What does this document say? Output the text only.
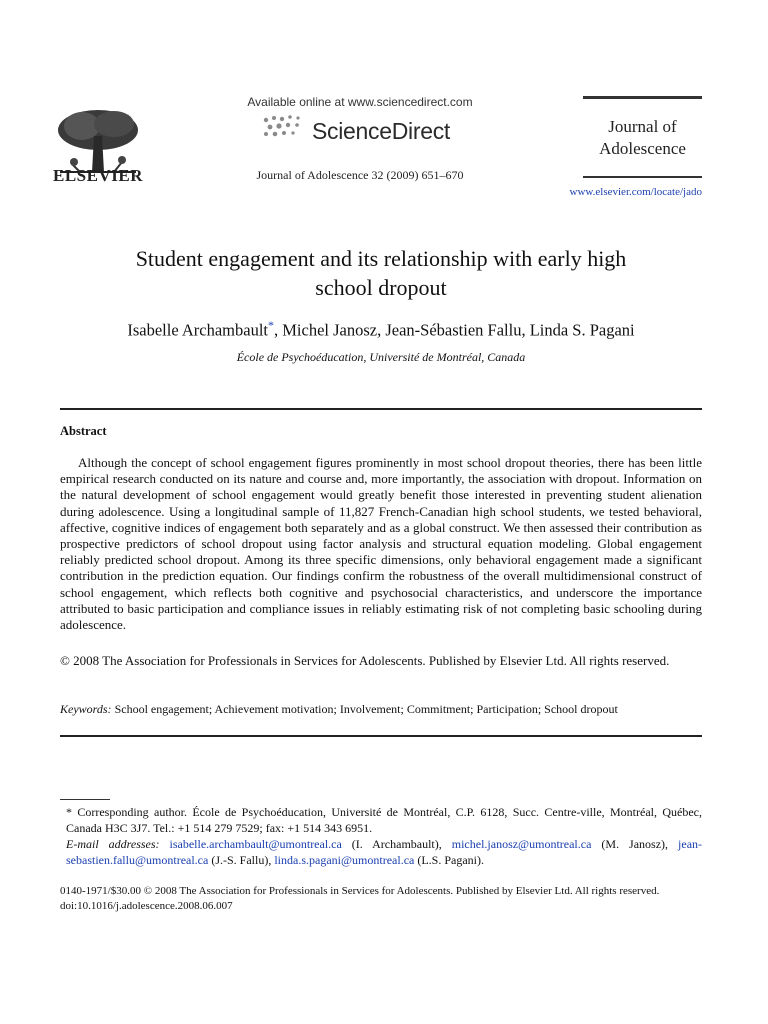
ELSEVIER
Available online at www.sciencedirect.com
ScienceDirect
Journal of Adolescence 32 (2009) 651–670
Journal of
Adolescence
www.elsevier.com/locate/jado
Student engagement and its relationship with early high
school dropout
Isabelle Archambault*, Michel Janosz, Jean-Sébastien Fallu, Linda S. Pagani
École de Psychoéducation, Université de Montréal, Canada
Abstract
Although the concept of school engagement figures prominently in most school dropout theories, there has been little empirical research conducted on its nature and course and, more importantly, the association with dropout. Information on the natural development of school engagement would greatly benefit those interested in preventing student alienation during adolescence. Using a longitudinal sample of 11,827 French-Canadian high school students, we tested behavioral, affective, cognitive indices of engagement both separately and as a global construct. We then assessed their contribution as prospective predictors of school dropout using factor analysis and structural equation modeling. Global engagement reliably predicted school dropout. Among its three specific dimensions, only behavioral engagement made a significant contribution in the prediction equation. Our findings confirm the robustness of the overall multidimensional construct of school engagement, which reflects both cognitive and psychosocial characteristics, and underscore the importance attributed to basic participation and compliance issues in reliably estimating risk of not completing basic schooling during adolescence.
© 2008 The Association for Professionals in Services for Adolescents. Published by Elsevier Ltd. All rights reserved.
Keywords: School engagement; Achievement motivation; Involvement; Commitment; Participation; School dropout
* Corresponding author. École de Psychoéducation, Université de Montréal, C.P. 6128, Succ. Centre-ville, Montréal, Québec, Canada H3C 3J7. Tel.: +1 514 279 7529; fax: +1 514 343 6951.
E-mail addresses: isabelle.archambault@umontreal.ca (I. Archambault), michel.janosz@umontreal.ca (M. Janosz), jean-sebastien.fallu@umontreal.ca (J.-S. Fallu), linda.s.pagani@umontreal.ca (L.S. Pagani).
0140-1971/$30.00 © 2008 The Association for Professionals in Services for Adolescents. Published by Elsevier Ltd. All rights reserved.
doi:10.1016/j.adolescence.2008.06.007
